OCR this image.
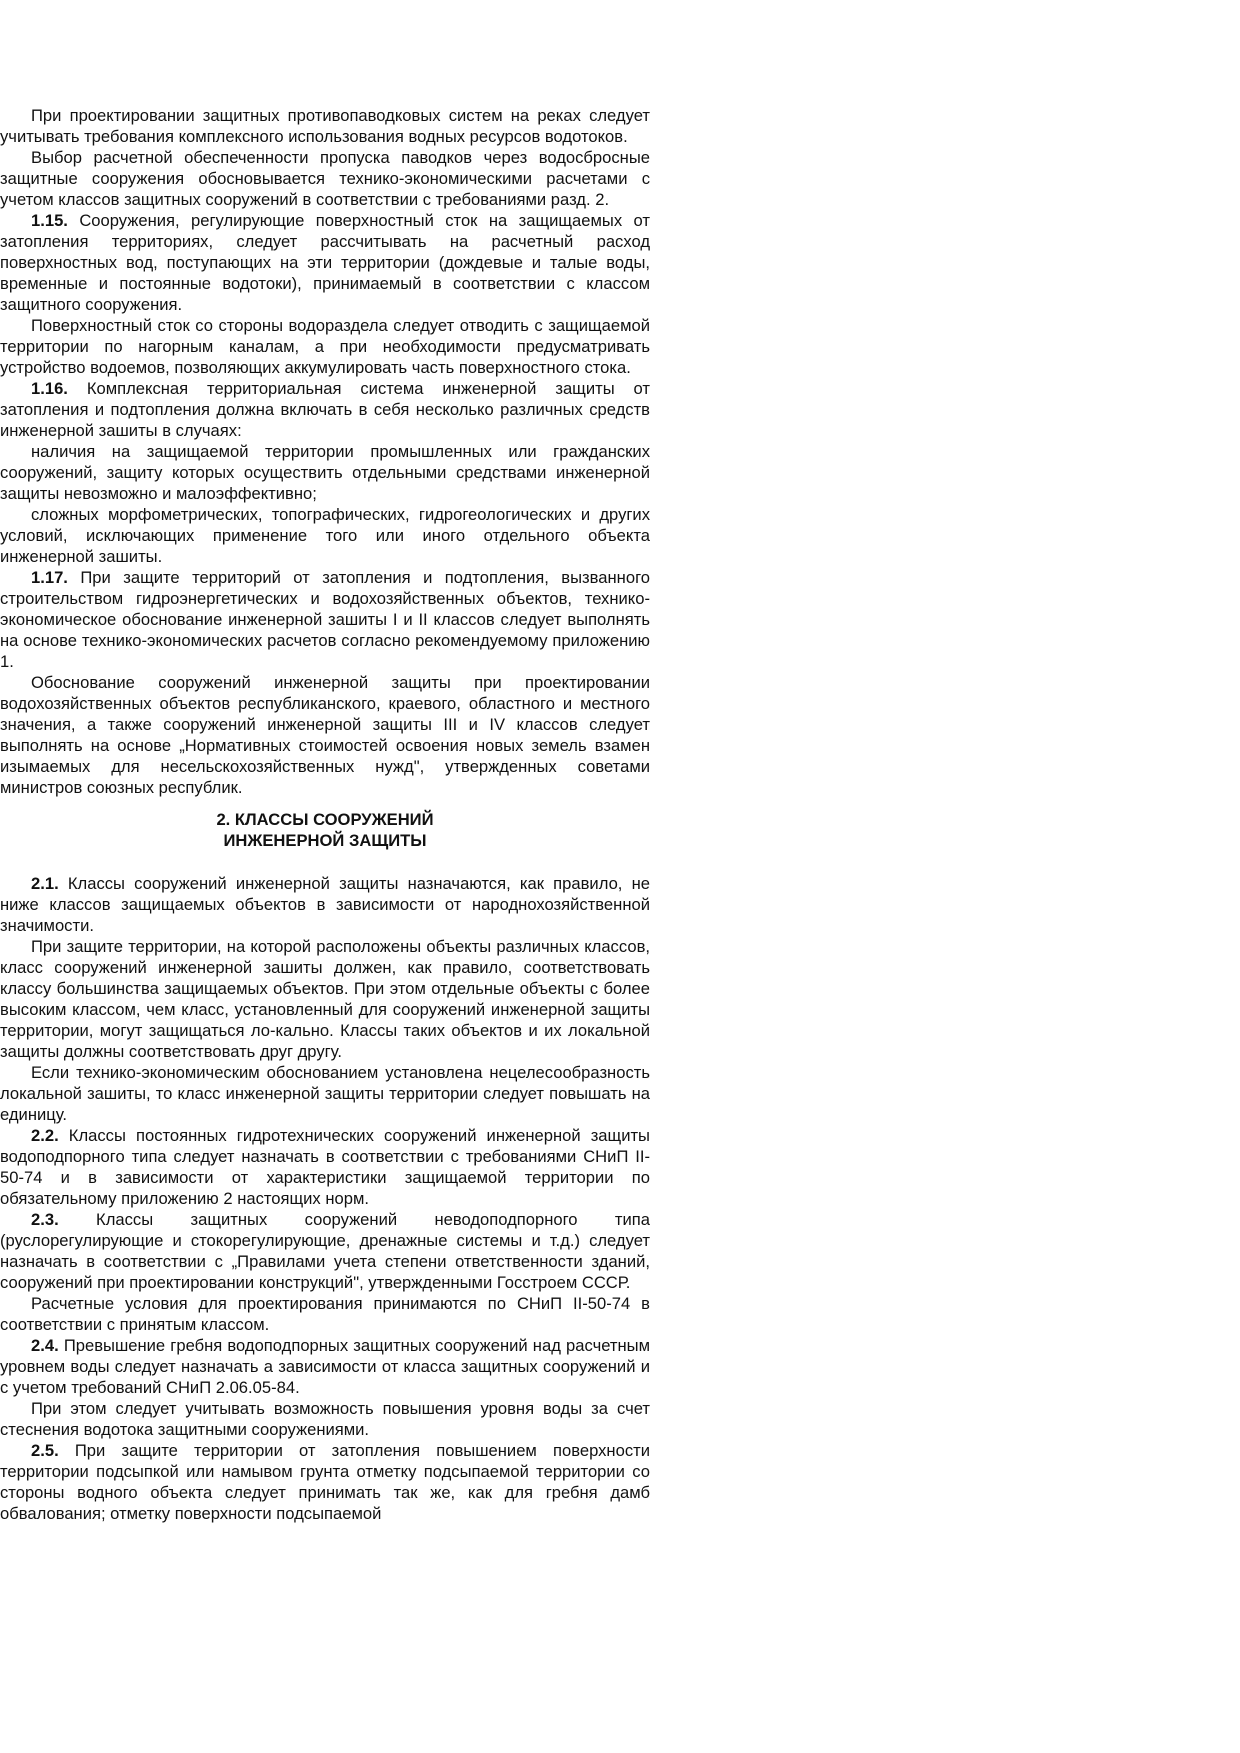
При проектировании защитных противопаводковых систем на реках следует учитывать требования комплексного использования водных ресурсов водотоков.

Выбор расчетной обеспеченности пропуска паводков через водосбросные защитные сооружения обосновывается технико-экономическими расчетами с учетом классов защитных сооружений в соответствии с требованиями разд. 2.

1.15. Сооружения, регулирующие поверхностный сток на защищаемых от затопления территориях, следует рассчитывать на расчетный расход поверхностных вод, поступающих на эти территории (дождевые и талые воды, временные и постоянные водотоки), принимаемый в соответствии с классом защитного сооружения.

Поверхностный сток со стороны водораздела следует отводить с защищаемой территории по нагорным каналам, а при необходимости предусматривать устройство водоемов, позволяющих аккумулировать часть поверхностного стока.

1.16. Комплексная территориальная система инженерной защиты от затопления и подтопления должна включать в себя несколько различных средств инженерной зашиты в случаях:

наличия на защищаемой территории промышленных или гражданских сооружений, защиту которых осуществить отдельными средствами инженерной защиты невозможно и малоэффективно;

сложных морфометрических, топографических, гидрогеологических и других условий, исключающих применение того или иного отдельного объекта инженерной зашиты.

1.17. При защите территорий от затопления и подтопления, вызванного строительством гидроэнергетических и водохозяйственных объектов, технико-экономическое обоснование инженерной зашиты I и II классов следует выполнять на основе технико-экономических расчетов согласно рекомендуемому приложению 1.

Обоснование сооружений инженерной защиты при проектировании водохозяйственных объектов республиканского, краевого, областного и местного значения, а также сооружений инженерной защиты III и IV классов следует выполнять на основе „Нормативных стоимостей освоения новых земель взамен изымаемых для несельскохозяйственных нужд", утвержденных советами министров союзных республик.

2. КЛАССЫ СООРУЖЕНИЙ

ИНЖЕНЕРНОЙ ЗАЩИТЫ

2.1. Классы сооружений инженерной защиты назначаются, как правило, не ниже классов защищаемых объектов в зависимости от народнохозяйственной значимости.

При защите территории, на которой расположены объекты различных классов, класс сооружений инженерной зашиты должен, как правило, соответствовать классу большинства защищаемых объектов. При этом отдельные объекты с более высоким классом, чем класс, установленный для сооружений инженерной защиты территории, могут защищаться ло-кально. Классы таких объектов и их локальной защиты должны соответствовать друг другу.

Если технико-экономическим обоснованием установлена нецелесообразность локальной зашиты, то класс инженерной защиты территории следует повышать на единицу.

2.2. Классы постоянных гидротехнических сооружений инженерной защиты водоподпорного типа следует назначать в соответствии с требованиями СНиП II-50-74 и в зависимости от характеристики защищаемой территории по обязательному приложению 2 настоящих норм.

2.3. Классы защитных сооружений неводоподпорного типа (руслорегулирующие и стокорегулирующие, дренажные системы и т.д.) следует назначать в соответствии с „Правилами учета степени ответственности зданий, сооружений при проектировании конструкций", утвержденными Госстроем СССР.

Расчетные условия для проектирования принимаются по СНиП II-50-74 в соответствии с принятым классом.

2.4. Превышение гребня водоподпорных защитных сооружений над расчетным уровнем воды следует назначать а зависимости от класса защитных сооружений и с учетом требований СНиП 2.06.05-84.

При этом следует учитывать возможность повышения уровня воды за счет стеснения водотока защитными сооружениями.

2.5. При защите территории от затопления повышением поверхности территории подсыпкой или намывом грунта отметку подсыпаемой территории со стороны водного объекта следует принимать так же, как для гребня дамб обвалования; отметку поверхности подсыпаемой
